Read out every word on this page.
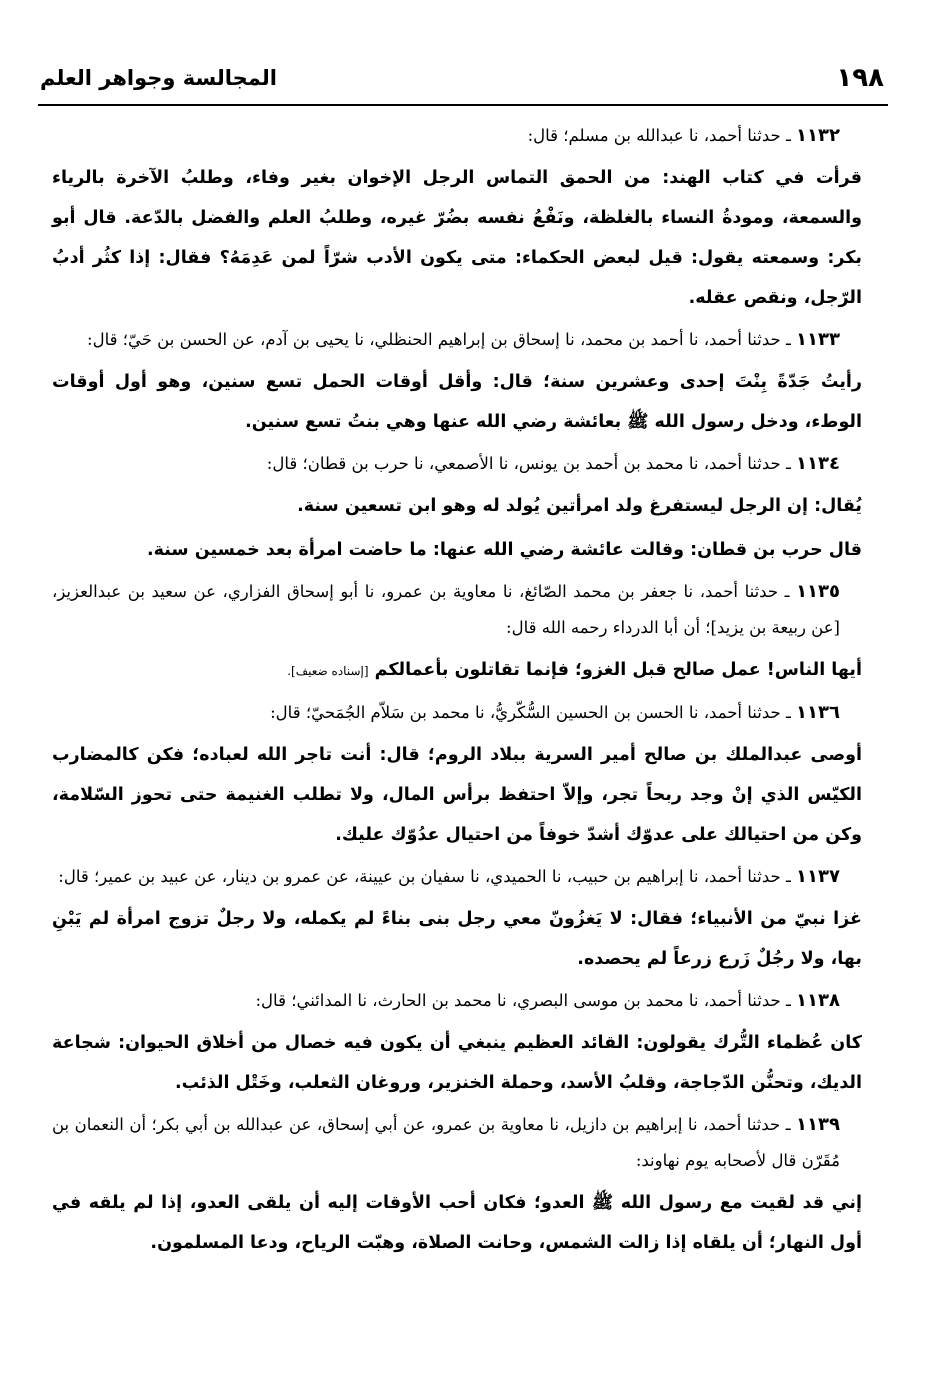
١٩٨
المجالسة وجواهر العلم

١١٣٢ ـ حدثنا أحمد، نا عبدالله بن مسلم؛ قال:

قرأت في كتاب الهند: من الحمق التماس الرجل الإخوان بغير وفاء، وطلبُ الآخرة بالرياء والسمعة، ومودةُ النساء بالغلظة، ونَفْعُ نفسه بضُرّ غيره، وطلبُ العلم والفضل بالدّعة. قال أبو بكر: وسمعته يقول: قيل لبعض الحكماء: متى يكون الأدب شرّاً لمن عَدِمَهُ؟ فقال: إذا كثُر أدبُ الرّجل، ونقص عقله.

١١٣٣ ـ حدثنا أحمد، نا أحمد بن محمد، نا إسحاق بن إبراهيم الحنظلي، نا يحيى بن آدم، عن الحسن بن حَيّ؛ قال:

رأيتُ جَدّةً بِنْتَ إحدى وعشرين سنة؛ قال: وأقل أوقات الحمل تسع سنين، وهو أول أوقات الوطء، ودخل رسول الله ﷺ بعائشة رضي الله عنها وهي بنتُ تسع سنين.

١١٣٤ ـ حدثنا أحمد، نا محمد بن أحمد بن يونس، نا الأصمعي، نا حرب بن قطان؛ قال:

يُقال: إن الرجل ليستفرغ ولد امرأتين يُولد له وهو ابن تسعين سنة.

قال حرب بن قطان: وقالت عائشة رضي الله عنها: ما حاضت امرأة بعد خمسين سنة.

١١٣٥ ـ حدثنا أحمد، نا جعفر بن محمد الصّائغ، نا معاوية بن عمرو، نا أبو إسحاق الفزاري، عن سعيد بن عبدالعزيز، [عن ربيعة بن يزيد]؛ أن أبا الدرداء رحمه الله قال:

أيها الناس! عمل صالح قبل الغزو؛ فإنما تقاتلون بأعمالكم [إسناده ضعيف].

١١٣٦ ـ حدثنا أحمد، نا الحسن بن الحسين السُّكّريُّ، نا محمد بن سَلاّم الجُمَحيّ؛ قال:

أوصى عبدالملك بن صالح أمير السرية ببلاد الروم؛ قال: أنت تاجر الله لعباده؛ فكن كالمضارب الكيّس الذي إنْ وجد ربحاً تجر، وإلاّ احتفظ برأس المال، ولا تطلب الغنيمة حتى تحوز السّلامة، وكن من احتيالك على عدوّك أشدّ خوفاً من احتيال عدُوّك عليك.

١١٣٧ ـ حدثنا أحمد، نا إبراهيم بن حبيب، نا الحميدي، نا سفيان بن عيينة، عن عمرو بن دينار، عن عبيد بن عمير؛ قال:

غزا نبيّ من الأنبياء؛ فقال: لا يَغزُونّ معي رجل بنى بناءً لم يكمله، ولا رجلٌ تزوج امرأة لم يَبْنِ بها، ولا رجُلٌ زَرع زرعاً لم يحصده.

١١٣٨ ـ حدثنا أحمد، نا محمد بن موسى البصري، نا محمد بن الحارث، نا المدائني؛ قال:

كان عُظماء التُّرك يقولون: القائد العظيم ينبغي أن يكون فيه خصال من أخلاق الحيوان: شجاعة الديك، وتحنُّن الدّجاجة، وقلبُ الأسد، وحملة الخنزير، وروغان الثعلب، وخَتْل الذئب.

١١٣٩ ـ حدثنا أحمد، نا إبراهيم بن دازيل، نا معاوية بن عمرو، عن أبي إسحاق، عن عبدالله بن أبي بكر؛ أن النعمان بن مُقَرّن قال لأصحابه يوم نهاوند:

إني قد لقيت مع رسول الله ﷺ العدو؛ فكان أحب الأوقات إليه أن يلقى العدو، إذا لم يلقه في أول النهار؛ أن يلقاه إذا زالت الشمس، وحانت الصلاة، وهبّت الرياح، ودعا المسلمون.
